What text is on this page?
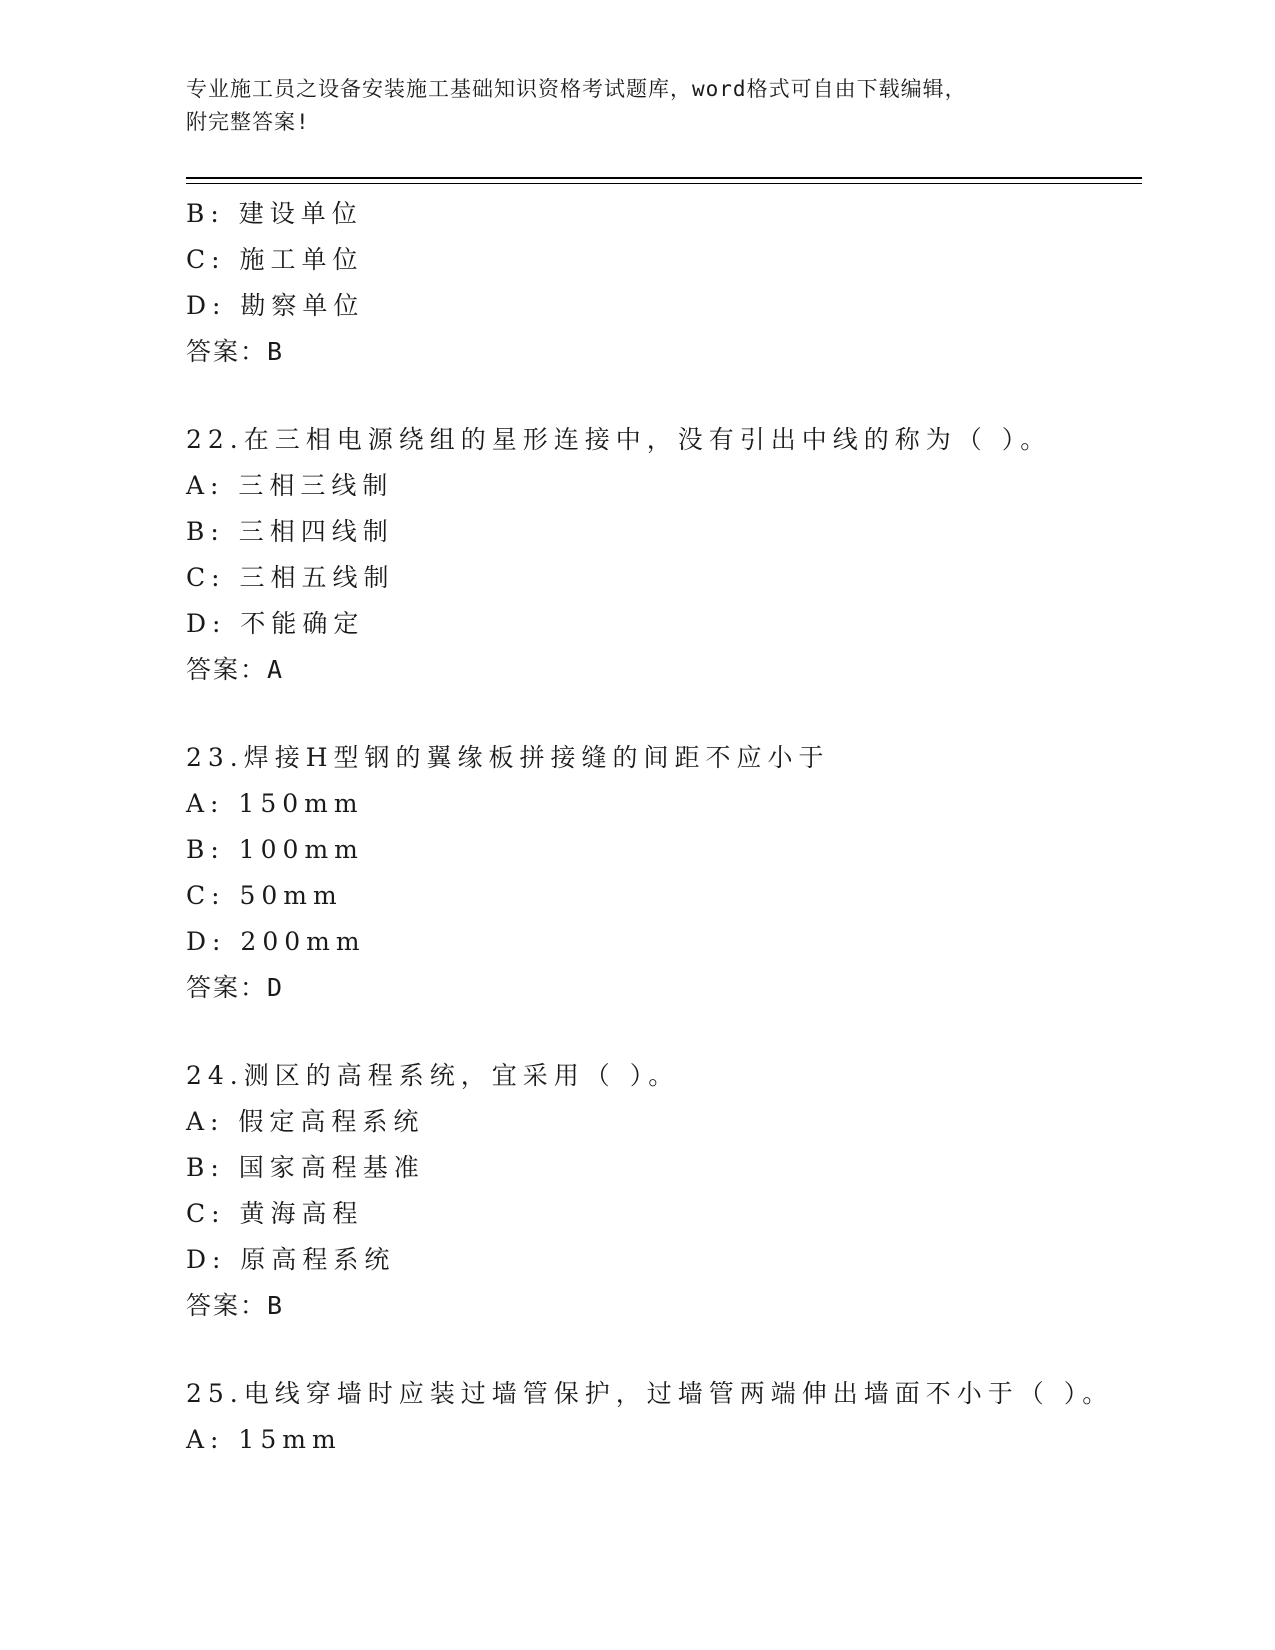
专业施工员之设备安装施工基础知识资格考试题库，word格式可自由下载编辑，
附完整答案!
B: 建设单位
C: 施工单位
D: 勘察单位
答案：B
22.在三相电源绕组的星形连接中，没有引出中线的称为（ ）。
A: 三相三线制
B: 三相四线制
C: 三相五线制
D: 不能确定
答案：A
23.焊接H型钢的翼缘板拼接缝的间距不应小于
A: 150mm
B: 100mm
C: 50mm
D: 200mm
答案：D
24.测区的高程系统，宜采用（ ）。
A: 假定高程系统
B: 国家高程基准
C: 黄海高程
D: 原高程系统
答案：B
25.电线穿墙时应装过墙管保护，过墙管两端伸出墙面不小于（ ）。
A: 15mm
